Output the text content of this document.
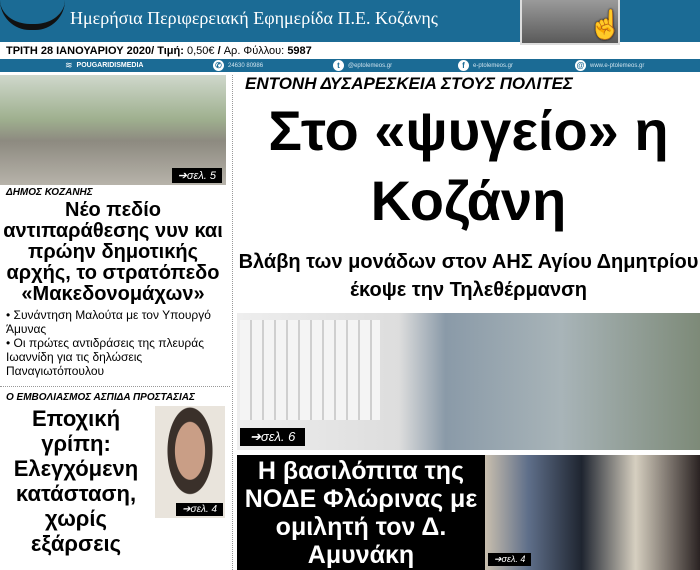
Ημερήσια Περιφερειακή Εφημερίδα Π.Ε. Κοζάνης	☝
ΤΡΙΤΗ 28 ΙΑΝΟΥΑΡΙΟΥ 2020/ Τιμή: 0,50€ / Αρ. Φύλλου: 5987
≋ POUGARIDISMEDIA	✆	24630 80986	t	@eptolemeos.gr	f	e-ptolemeos.gr	@ www.e-ptolemeos.gr
➔σελ. 5
ΔΗΜΟΣ ΚΟΖΑΝΗΣ
Νέο πεδίο αντιπαράθεσης νυν και πρώην δημοτικής αρχής, το στρατόπεδο «Μακεδονομάχων»
• Συνάντηση Μαλούτα με τον Υπουργό Άμυνας
• Οι πρώτες αντιδράσεις της πλευράς Ιωαννίδη για τις δηλώσεις Παναγιωτόπουλου
Ο ΕΜΒΟΛΙΑΣΜΟΣ ΑΣΠΙΔΑ ΠΡΟΣΤΑΣΙΑΣ
Εποχική γρίπη: Ελεγχόμενη κατάσταση, χωρίς εξάρσεις
➔σελ. 4
ΕΝΤΟΝΗ ΔΥΣΑΡΕΣΚΕΙΑ ΣΤΟΥΣ ΠΟΛΙΤΕΣ
Στο «ψυγείο» η Κοζάνη
Βλάβη των μονάδων στον ΑΗΣ Αγίου Δημητρίου έκοψε την Τηλεθέρμανση
➔σελ. 6
Η βασιλόπιτα της ΝΟΔΕ Φλώρινας με ομιλητή τον Δ. Αμυνάκη	➔σελ. 4
